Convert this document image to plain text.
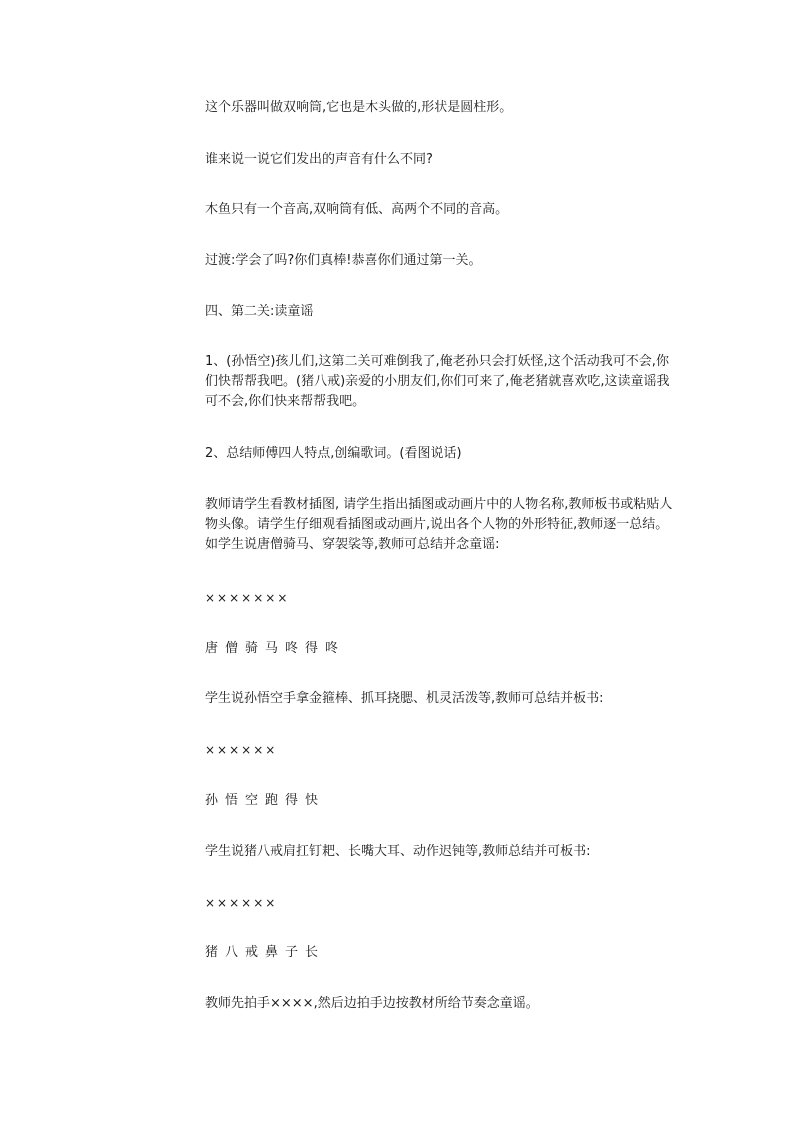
这个乐器叫做双响筒,它也是木头做的,形状是圆柱形。

谁来说一说它们发出的声音有什么不同?

木鱼只有一个音高,双响筒有低、高两个不同的音高。

过渡:学会了吗?你们真棒!恭喜你们通过第一关。

四、第二关:读童谣

1、(孙悟空)孩儿们,这第二关可难倒我了,俺老孙只会打妖怪,这个活动我可不会,你们快帮帮我吧。(猪八戒)亲爱的小朋友们,你们可来了,俺老猪就喜欢吃,这读童谣我可不会,你们快来帮帮我吧。

2、总结师傅四人特点,创编歌词。(看图说话)

教师请学生看教材插图, 请学生指出插图或动画片中的人物名称,教师板书或粘贴人物头像。请学生仔细观看插图或动画片,说出各个人物的外形特征,教师逐一总结。如学生说唐僧骑马、穿袈裟等,教师可总结并念童谣:

×××××××

唐僧骑马咚得咚

学生说孙悟空手拿金箍棒、抓耳挠腮、机灵活泼等,教师可总结并板书:

××××××

孙悟空跑得快

学生说猪八戒肩扛钉耙、长嘴大耳、动作迟钝等,教师总结并可板书:

××××××

猪八戒鼻子长

教师先拍手××××,然后边拍手边按教材所给节奏念童谣。
